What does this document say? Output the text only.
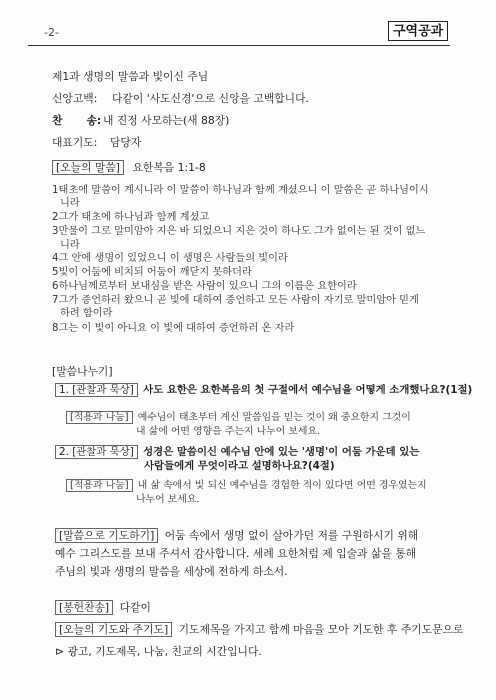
-2-	구역공과
제1과 생명의 말씀과 빛이신 주님
신앙고백: 다같이 '사도신경'으로 신앙을 고백합니다.
찬 송: 내 진정 사모하는(새 88장)
대표기도: 담당자
[오늘의 말씀] 요한복음 1:1-8
1태초에 말씀이 계시니라 이 말씀이 하나님과 함께 계셨으니 이 말씀은 곧 하나님이시
니라
2그가 태초에 하나님과 함께 계셨고
3만물이 그로 말미암아 지은 바 되었으니 지은 것이 하나도 그가 없이는 된 것이 없느
니라
4그 안에 생명이 있었으니 이 생명은 사람들의 빛이라
5빛이 어둠에 비치되 어둠이 깨닫지 못하더라
6하나님께로부터 보내심을 받은 사람이 있으니 그의 이름은 요한이라
7그가 증언하러 왔으니 곧 빛에 대하여 증언하고 모든 사람이 자기로 말미암아 믿게
하려 함이라
8그는 이 빛이 아니요 이 빛에 대하여 증언하러 온 자라
[말씀나누기]
1. [관찰과 묵상] 사도 요한은 요한복음의 첫 구절에서 예수님을 어떻게 소개했나요?(1절)
[적용과 나눔] 예수님이 태초부터 계신 말씀임을 믿는 것이 왜 중요한지 그것이
내 삶에 어떤 영향을 주는지 나누어 보세요.
2. [관찰과 묵상] 성경은 말씀이신 예수님 안에 있는 '생명'이 어둠 가운데 있는
사람들에게 무엇이라고 설명하나요?(4절)
[적용과 나눔] 내 삶 속에서 빛 되신 예수님을 경험한 적이 있다면 어떤 경우였는지
나누어 보세요.
[말씀으로 기도하기] 어둠 속에서 생명 없이 살아가던 저를 구원하시기 위해
예수 그리스도를 보내 주셔서 감사합니다. 세례 요한처럼 제 입술과 삶을 통해
주님의 빛과 생명의 말씀을 세상에 전하게 하소서.
[봉헌찬송] 다같이
[오늘의 기도와 주기도] 기도제목을 가지고 함께 마음을 모아 기도한 후 주기도문으로
⊳ 광고, 기도제목, 나눔, 친교의 시간입니다.
